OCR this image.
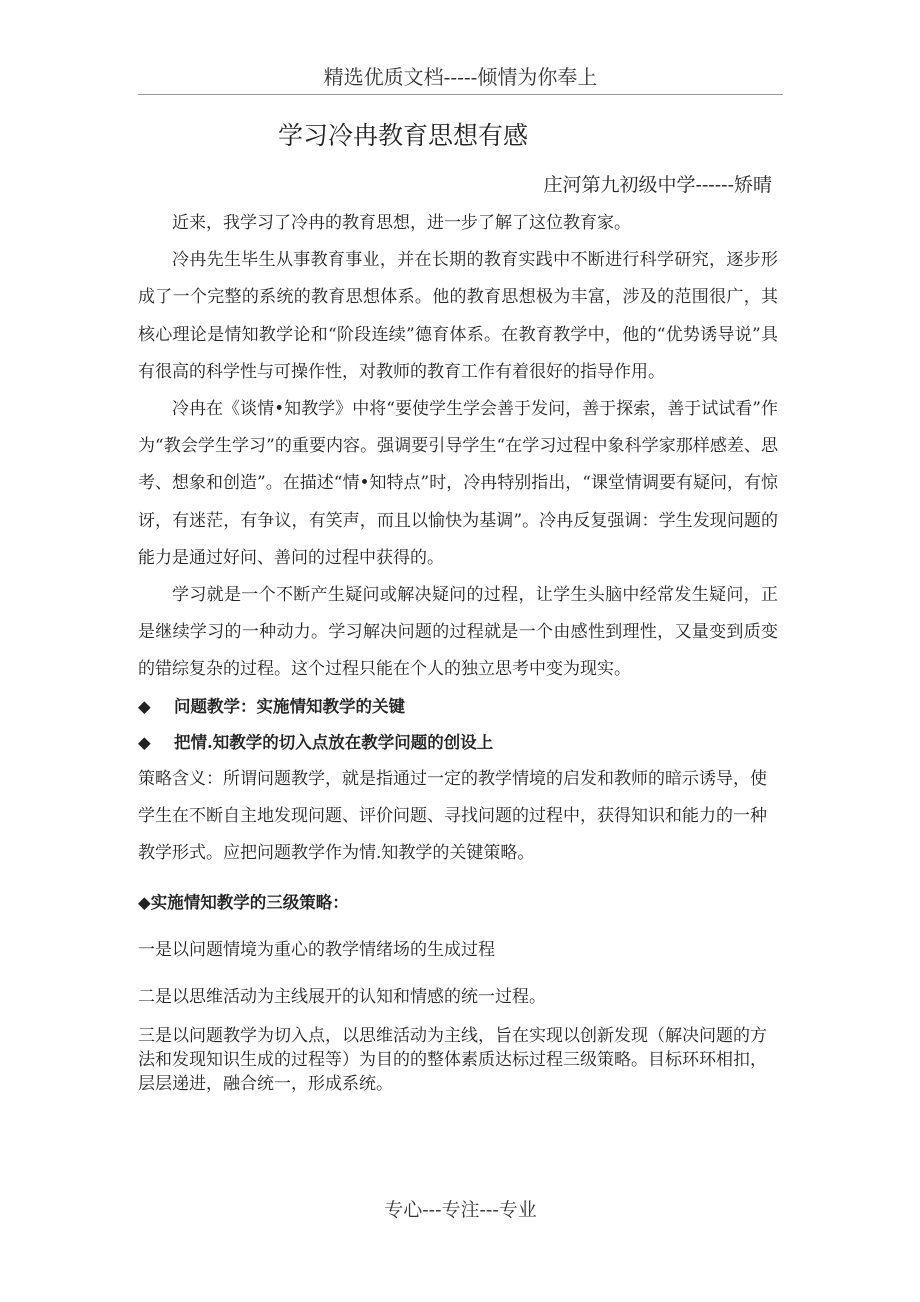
精选优质文档-----倾情为你奉上
学习冷冉教育思想有感
庄河第九初级中学------矫晴

近来，我学习了冷冉的教育思想，进一步了解了这位教育家。

冷冉先生毕生从事教育事业，并在长期的教育实践中不断进行科学研究，逐步形成了一个完整的系统的教育思想体系。他的教育思想极为丰富，涉及的范围很广，其核心理论是情知教学论和“阶段连续”德育体系。在教育教学中，他的“优势诱导说”具有很高的科学性与可操作性，对教师的教育工作有着很好的指导作用。

冷冉在《谈情•知教学》中将“要使学生学会善于发问，善于探索，善于试试看”作为“教会学生学习”的重要内容。强调要引导学生“在学习过程中象科学家那样感差、思考、想象和创造”。在描述“情•知特点”时，冷冉特别指出，“课堂情调要有疑问，有惊讶，有迷茫，有争议，有笑声，而且以愉快为基调”。冷冉反复强调：学生发现问题的能力是通过好问、善问的过程中获得的。

学习就是一个不断产生疑问或解决疑问的过程，让学生头脑中经常发生疑问，正是继续学习的一种动力。学习解决问题的过程就是一个由感性到理性，又量变到质变的错综复杂的过程。这个过程只能在个人的独立思考中变为现实。

◆ 问题教学：实施情知教学的关键

◆ 把情.知教学的切入点放在教学问题的创设上

策略含义：所谓问题教学，就是指通过一定的教学情境的启发和教师的暗示诱导，使学生在不断自主地发现问题、评价问题、寻找问题的过程中，获得知识和能力的一种教学形式。应把问题教学作为情.知教学的关键策略。

◆实施情知教学的三级策略：

一是以问题情境为重心的教学情绪场的生成过程

二是以思维活动为主线展开的认知和情感的统一过程。

三是以问题教学为切入点，以思维活动为主线，旨在实现以创新发现（解决问题的方法和发现知识生成的过程等）为目的的整体素质达标过程三级策略。目标环环相扣，层层递进，融合统一，形成系统。

专心---专注---专业
